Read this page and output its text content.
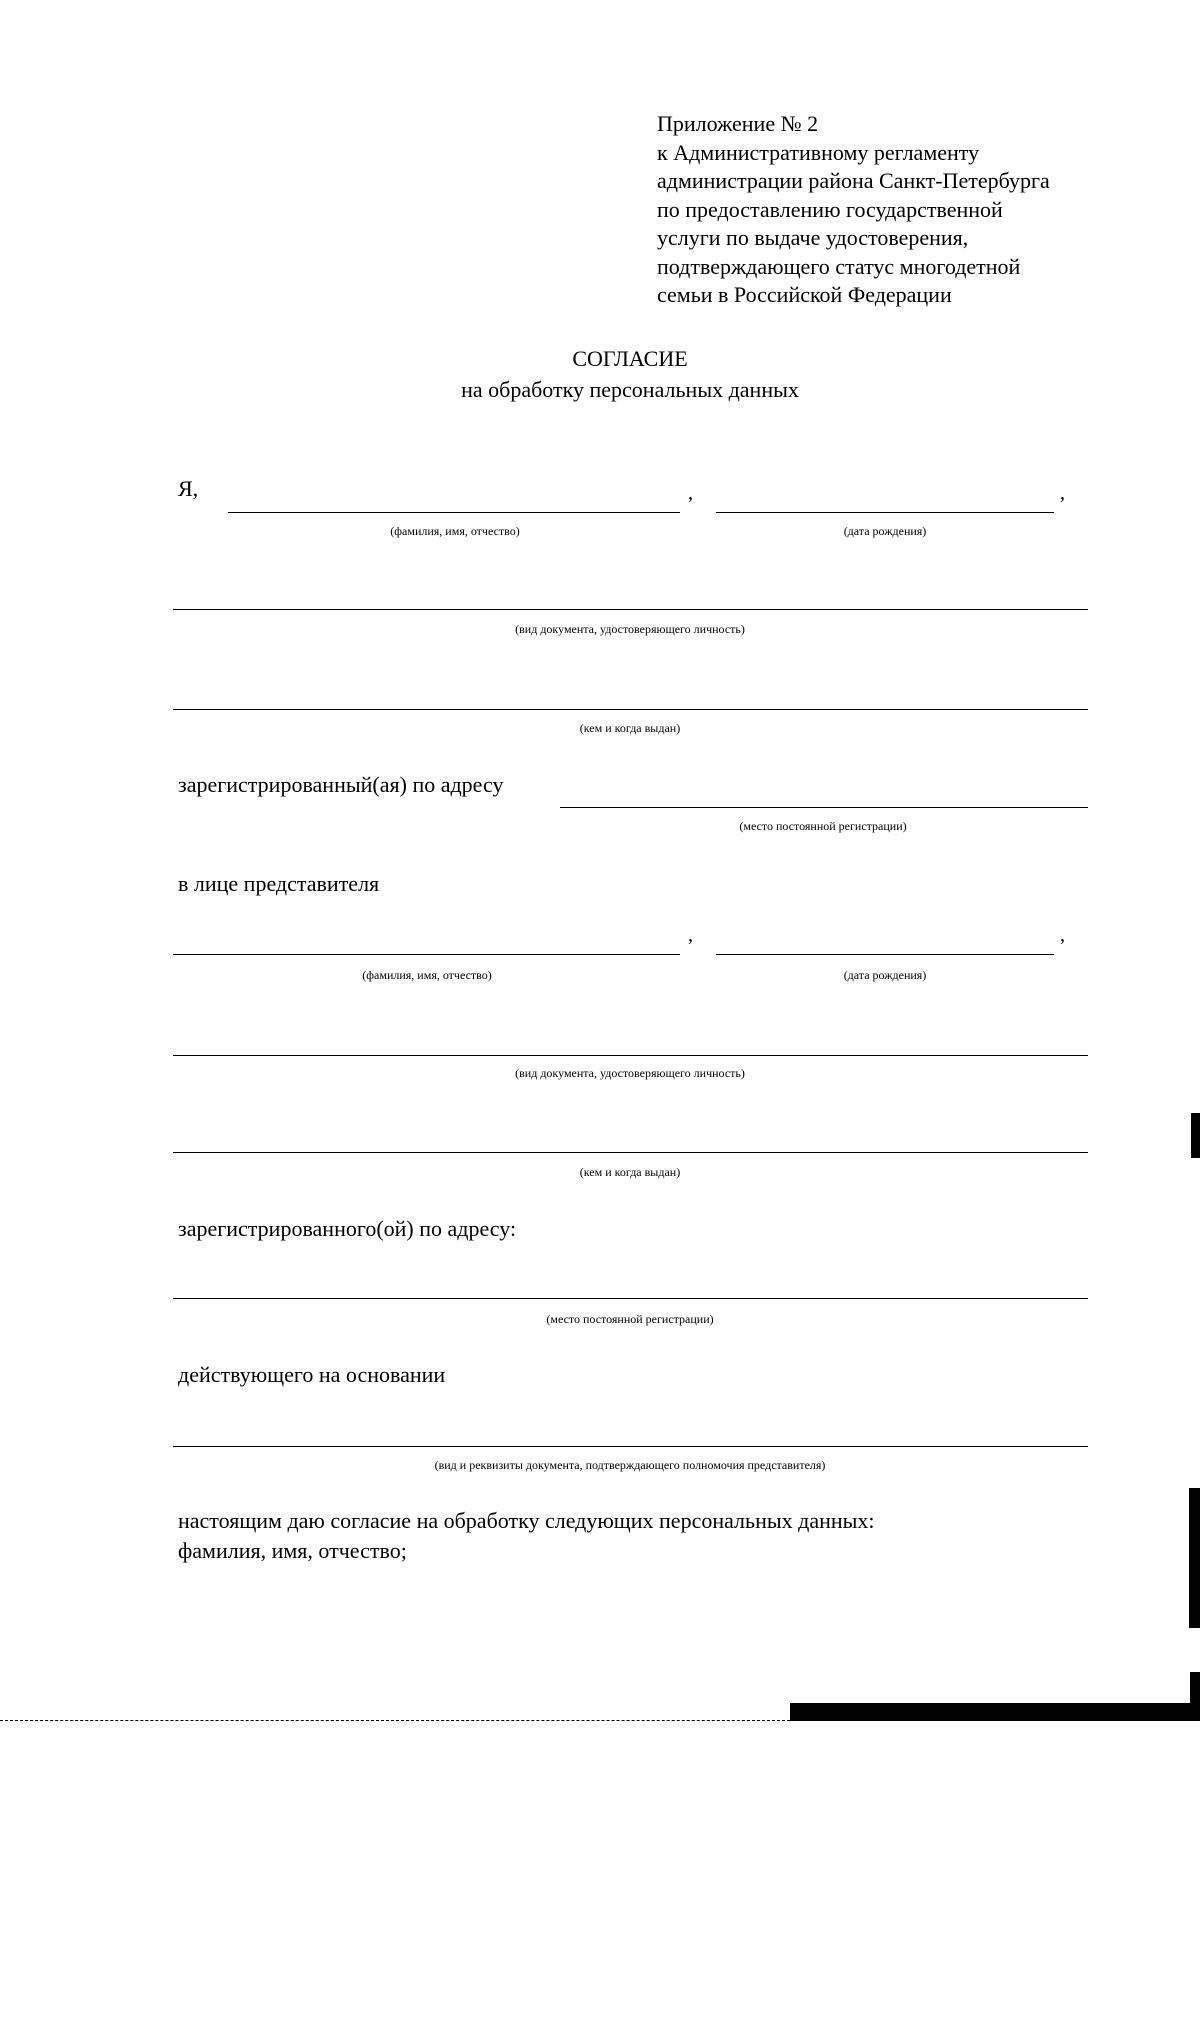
Приложение № 2
к Административному регламенту
администрации района Санкт-Петербурга
по предоставлению государственной
услуги по выдаче удостоверения,
подтверждающего статус многодетной
семьи в Российской Федерации
СОГЛАСИЕ
на обработку персональных данных
Я,	,	,
(фамилия, имя, отчество)	(дата рождения)
(вид документа, удостоверяющего личность)
(кем и когда выдан)
зарегистрированный(ая) по адресу
(место постоянной регистрации)
в лице представителя
,	,
(фамилия, имя, отчество)	(дата рождения)
(вид документа, удостоверяющего личность)
(кем и когда выдан)
зарегистрированного(ой) по адресу:
(место постоянной регистрации)
действующего на основании
(вид и реквизиты документа, подтверждающего полномочия представителя)
настоящим даю согласие на обработку следующих персональных данных:
фамилия, имя, отчество;
